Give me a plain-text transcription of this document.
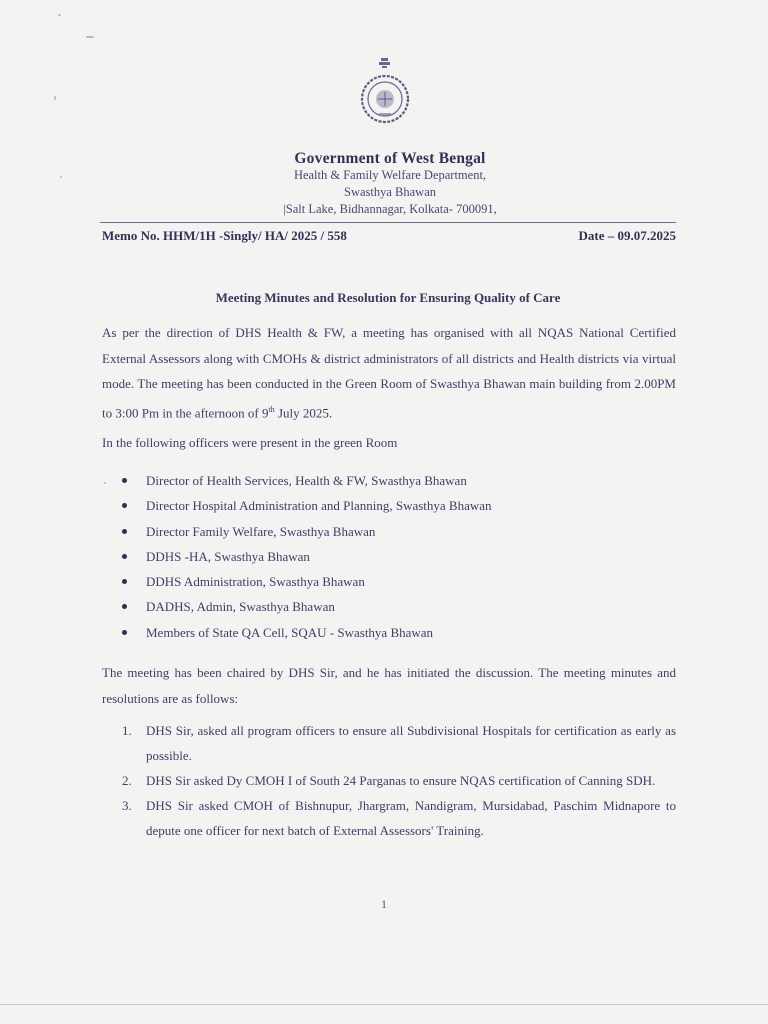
Government of West Bengal
Health & Family Welfare Department,
Swasthya Bhawan
|Salt Lake, Bidhannagar, Kolkata- 700091,
Memo No. HHM/1H -Singly/ HA/ 2025 / 558	Date – 09.07.2025
Meeting Minutes and Resolution for Ensuring Quality of Care
As per the direction of DHS Health & FW, a meeting has organised with all NQAS National Certified External Assessors along with CMOHs & district administrators of all districts and Health districts via virtual mode. The meeting has been conducted in the Green Room of Swasthya Bhawan main building from 2.00PM to 3:00 Pm in the afternoon of 9th July 2025.
In the following officers were present in the green Room
Director of Health Services, Health & FW, Swasthya Bhawan
Director Hospital Administration and Planning, Swasthya Bhawan
Director Family Welfare, Swasthya Bhawan
DDHS -HA, Swasthya Bhawan
DDHS Administration, Swasthya Bhawan
DADHS, Admin, Swasthya Bhawan
Members of State QA Cell, SQAU - Swasthya Bhawan
The meeting has been chaired by DHS Sir, and he has initiated the discussion. The meeting minutes and resolutions are as follows:
1. DHS Sir, asked all program officers to ensure all Subdivisional Hospitals for certification as early as possible.
2. DHS Sir asked Dy CMOH I of South 24 Parganas to ensure NQAS certification of Canning SDH.
3. DHS Sir asked CMOH of Bishnupur, Jhargram, Nandigram, Mursidabad, Paschim Midnapore to depute one officer for next batch of External Assessors' Training.
1
